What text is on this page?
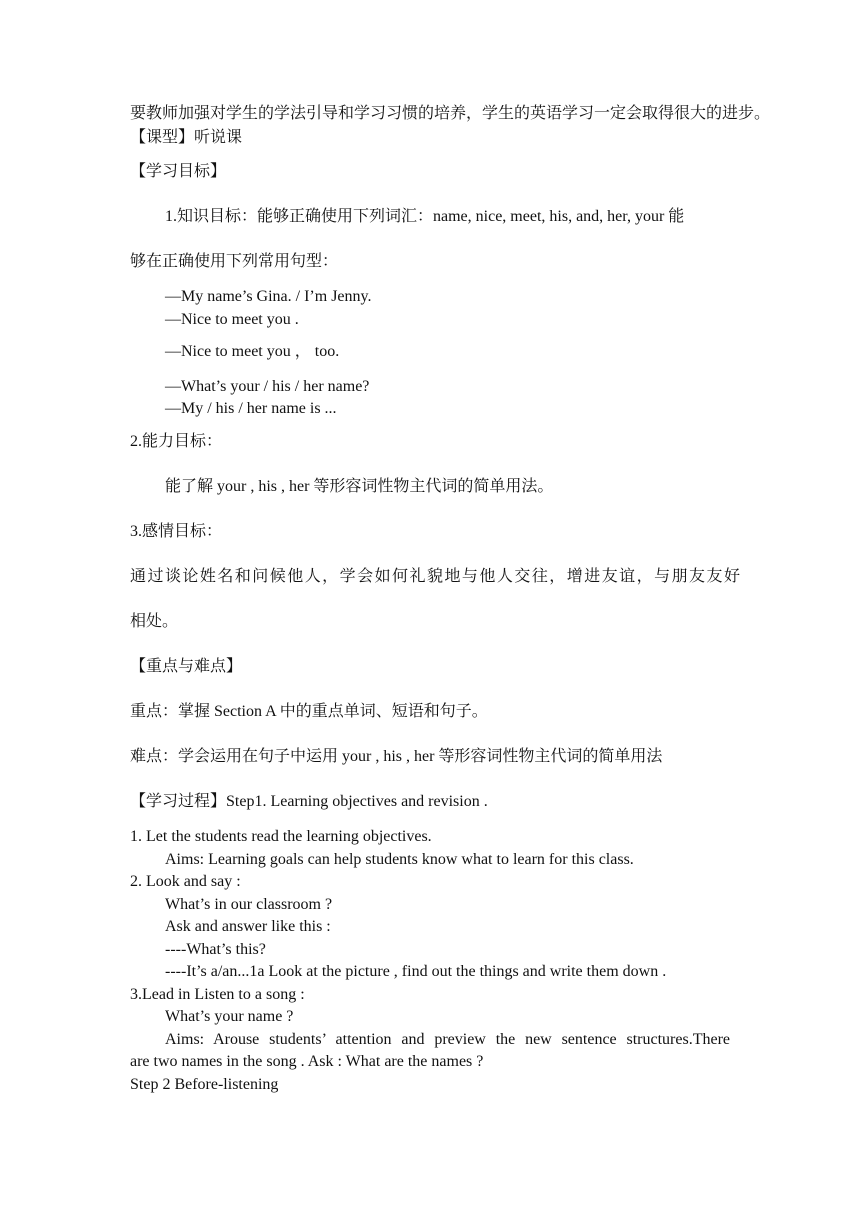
要教师加强对学生的学法引导和学习习惯的培养，学生的英语学习一定会取得很大的进步。
【课型】听说课
【学习目标】
1.知识目标：能够正确使用下列词汇：name, nice, meet, his, and, her, your 能
够在正确使用下列常用句型：
—My name’s Gina. / I’m Jenny.
—Nice to meet you .
—Nice to meet you ， too.
—What’s your / his / her name?
—My / his / her name is ...
2.能力目标：
能了解 your , his , her 等形容词性物主代词的简单用法。
3.感情目标：
通过谈论姓名和问候他人，学会如何礼貌地与他人交往，增进友谊，与朋友友好
相处。
【重点与难点】
重点：掌握 Section A 中的重点单词、短语和句子。
难点：学会运用在句子中运用 your , his , her 等形容词性物主代词的简单用法
【学习过程】Step1. Learning objectives and revision .
1. Let the students read the learning objectives.
Aims: Learning goals can help students know what to learn for this class.
2. Look and say :
What’s in our classroom ?
Ask and answer like this :
----What’s this?
----It’s a/an...1a Look at the picture , find out the things and write them down .
3.Lead in Listen to a song :
What’s your name ?
Aims: Arouse students’ attention and preview the new sentence structures.There
are two names in the song . Ask : What are the names ?
Step 2 Before-listening
